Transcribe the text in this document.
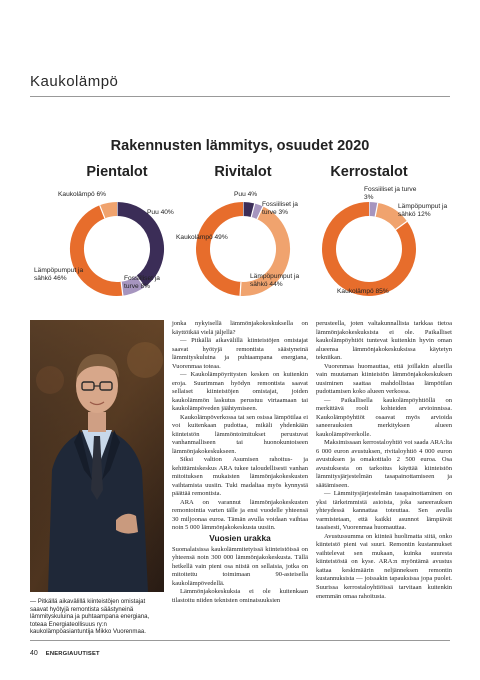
Kaukolämpö
Rakennusten lämmitys, osuudet 2020
Pientalot
Kaukolämpö 6%
Puu 40%
Lämpöpumput ja sähkö 46%	Fossiiliset ja turve 8%
Rivitalot
Puu 4%
Fossiiliset ja turve 3%
Kaukolämpö 49%
Lämpöpumput ja sähkö 44%
Kerrostalot
Fossiiliset ja turve 3%
Lämpöpumput ja sähkö 12%
Kaukolämpö 85%
— Pitkällä aikavälillä kiinteistöjen omistajat saavat hyötyjä remontista säästyneinä lämmityskuluina ja puhtaampana energiana, toteaa Energiateollisuus ry:n kaukolämpöasiantuntija Mikko Vuorenmaa.

jonka nykyisellä lämmönjakokeskuksella on käyttöikää vielä jäljellä?

— Pitkällä aikavälillä kiinteistöjen omistajat saavat hyötyjä remontista säästyneinä lämmityskuluina ja puhtaampana energiana, Vuorenmaa toteaa.

— Kaukolämpöyritysten kesken on kuitenkin eroja. Suurimman hyödyn remontista saavat sellaiset kiinteistöjen omistajat, joiden kaukolämmön laskutus perustuu virtaamaan tai kaukolämpöveden jäähtymiseen.

Kaukolämpöverkossa tai sen osissa lämpötilaa ei voi kuitenkaan pudottaa, mikäli yhdenkään kiinteistön lämmöntoimitukset perustuvat vanhanmalliseen tai huonokuntoiseen lämmönjakokeskukseen.

Siksi valtion Asumisen rahoitus- ja kehittämiskeskus ARA tukee taloudellisesti vanhan mitoituksen mukaisten lämmönjakokeskusten vaihtamista uusiin. Tuki madaltaa myös kynnystä päättää remontista.

ARA on varannut lämmönjakokeskusten remontointia varten tälle ja ensi vuodelle yhteensä 30 miljoonaa euroa. Tämän avulla voidaan vaihtaa noin 5 000 lämmönjakokeskusta uusiin.

Vuosien urakka

Suomalaisissa kaukolämmitetyissä kiinteistöissä on yhteensä noin 300 000 lämmönjakokeskusta. Tällä hetkellä vain pieni osa niistä on sellaisia, jotka on mitoitettu toimimaan 90-asteisella kaukolämpövedellä.

Lämmönjakokeskuksia ei ole kuitenkaan tilastoitu niiden teknisten ominaisuuksien

perusteella, joten valtakunnallista tarkkaa tietoa lämmönjakokeskuksista ei ole. Paikalliset kaukolämpöyhtiöt tuntevat kuitenkin hyvin oman alueensa lämmönjakokeskuksissa käytetyn tekniikan.

Vuorenmaa huomauttaa, että joillakin alueilla vain muutaman kiinteistön lämmönjakokeskuksen uusiminen saattaa mahdollistaa lämpötilan pudottamisen koko alueen verkossa.

— Paikallisella kaukolämpöyhtiöllä on merkittävä rooli kohteiden arvioinnissa. Kaukolämpöyhtiöt osaavat myös arvioida saneerauksien merkityksen alueen kaukolämpöverkolle.

Maksimissaan kerrostaloyhtiö voi saada ARA:lta 6 000 euron avustuksen, rivitaloyhtiö 4 000 euron avustuksen ja omakotitalo 2 500 euroa. Osa avustuksesta on tarkoitus käyttää kiinteistön lämmitysjärjestelmän tasapainottamiseen ja säätämiseen.

— Lämmitysjärjestelmän tasapainottaminen on yksi tärkeimmistä asioista, joka saneerauksen yhteydessä kannattaa toteuttaa. Sen avulla varmistetaan, että kaikki asunnot lämpiävät tasaisesti, Vuorenmaa huomauttaa.

Avustussumma on kiinteä huolimatta siitä, onko kiinteistö pieni vai suuri. Remontin kustannukset vaihtelevat sen mukaan, kuinka suuresta kiinteistöstä on kyse. ARA:n myöntämä avustus kattaa keskimäärin neljänneksen remontin kustannuksista — joissakin tapauksissa jopa puolet. Suurissa kerrostaloyhtiöissä tarvitaan kuitenkin enemmän omaa rahoitusta.

40 ENERGIAUUTISET
